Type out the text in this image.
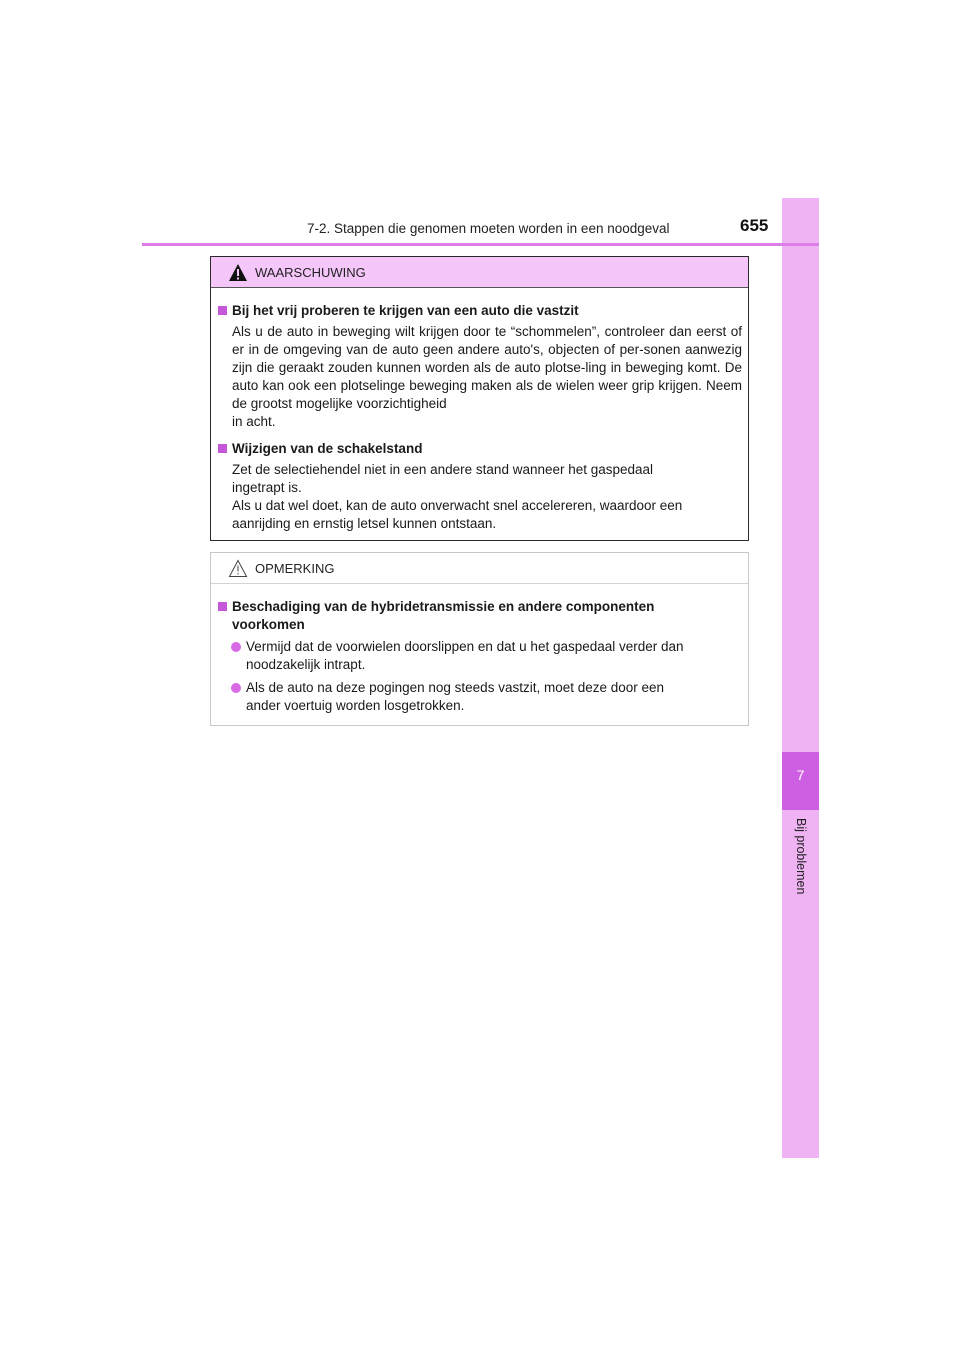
7
Bij problemen
7-2. Stappen die genomen moeten worden in een noodgeval	655
WAARSCHUWING
Bij het vrij proberen te krijgen van een auto die vastzit
Als u de auto in beweging wilt krijgen door te “schommelen”, controleer dan eerst of er in de omgeving van de auto geen andere auto's, objecten of per-sonen aanwezig zijn die geraakt zouden kunnen worden als de auto plotse-ling in beweging komt. De auto kan ook een plotselinge beweging maken als de wielen weer grip krijgen. Neem de grootst mogelijke voorzichtigheid
in acht.
Wijzigen van de schakelstand
Zet de selectiehendel niet in een andere stand wanneer het gaspedaal
ingetrapt is.
Als u dat wel doet, kan de auto onverwacht snel accelereren, waardoor een
aanrijding en ernstig letsel kunnen ontstaan.
OPMERKING
Beschadiging van de hybridetransmissie en andere componenten
voorkomen
Vermijd dat de voorwielen doorslippen en dat u het gaspedaal verder dan
noodzakelijk intrapt.
Als de auto na deze pogingen nog steeds vastzit, moet deze door een
ander voertuig worden losgetrokken.
